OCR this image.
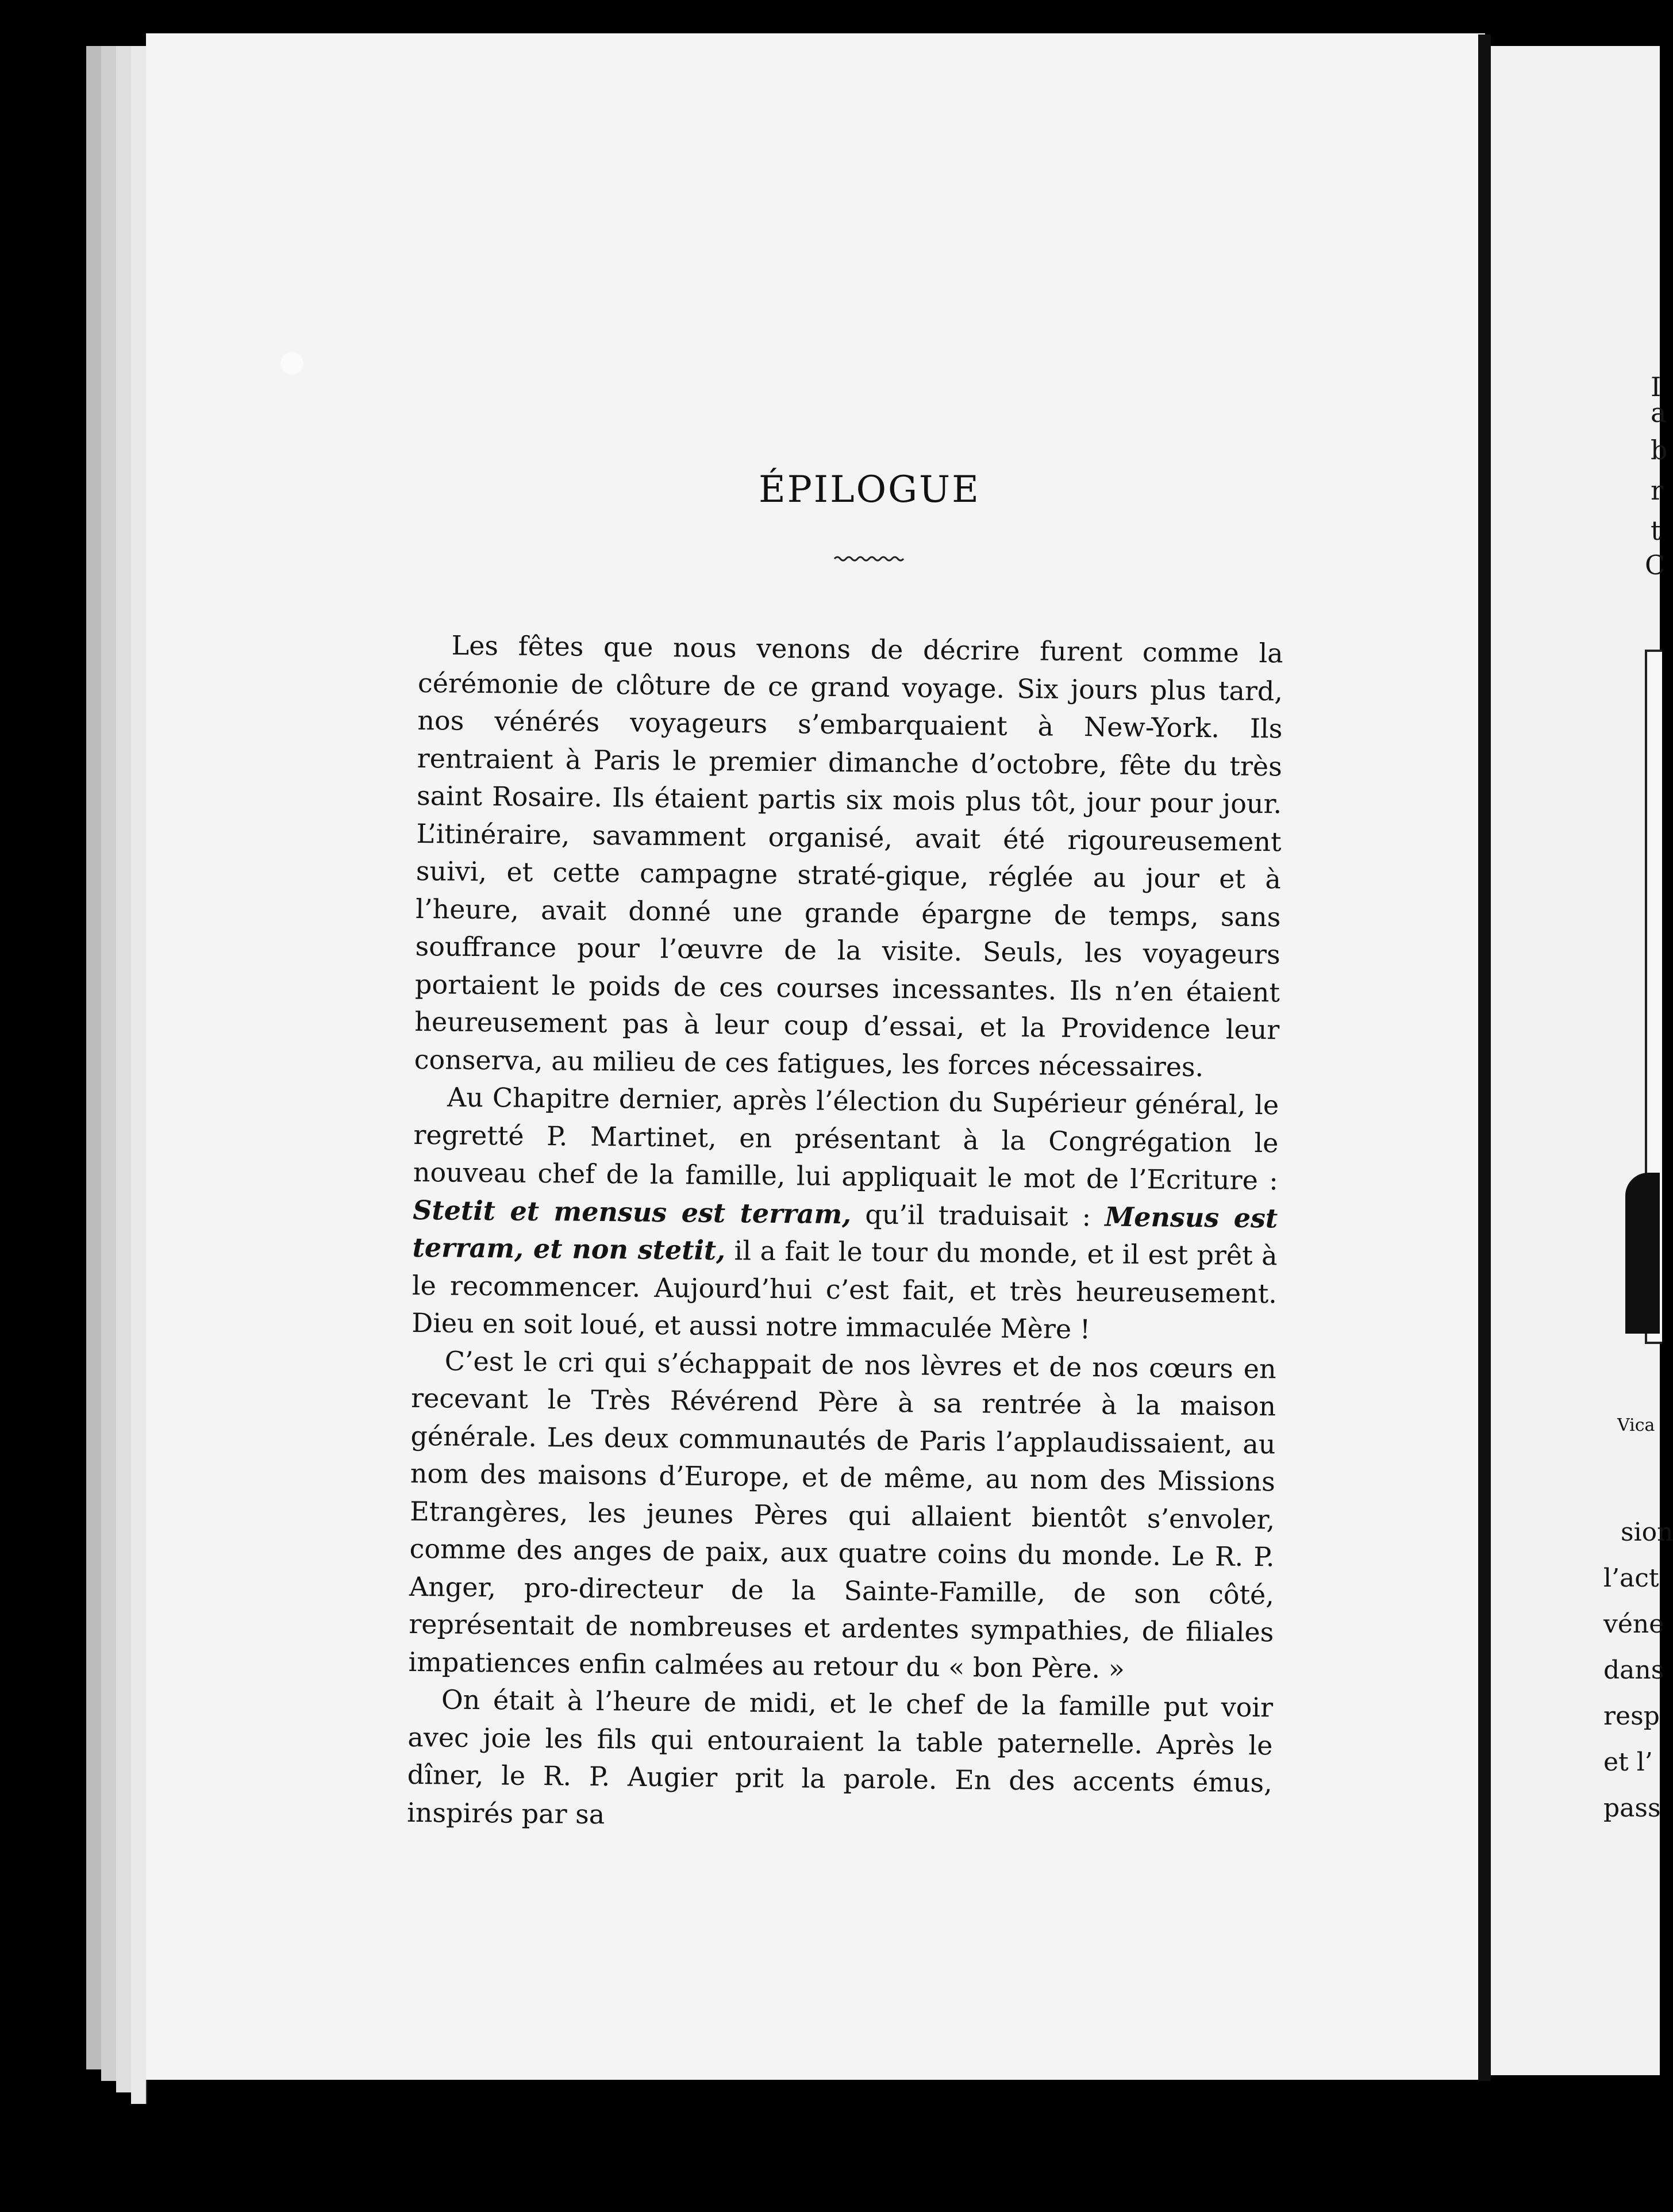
ÉPILOGUE

Les fêtes que nous venons de décrire furent comme la cérémonie de clôture de ce grand voyage. Six jours plus tard, nos vénérés voyageurs s’embarquaient à New-York. Ils rentraient à Paris le premier dimanche d’octobre, fête du très saint Rosaire. Ils étaient partis six mois plus tôt, jour pour jour. L’itinéraire, savamment organisé, avait été rigoureusement suivi, et cette campagne straté-gique, réglée au jour et à l’heure, avait donné une grande épargne de temps, sans souffrance pour l’œuvre de la visite. Seuls, les voyageurs portaient le poids de ces courses incessantes. Ils n’en étaient heureusement pas à leur coup d’essai, et la Providence leur conserva, au milieu de ces fatigues, les forces nécessaires.

Au Chapitre dernier, après l’élection du Supérieur général, le regretté P. Martinet, en présentant à la Congrégation le nouveau chef de la famille, lui appliquait le mot de l’Ecriture : Stetit et mensus est terram, qu’il traduisait : Mensus est terram, et non stetit, il a fait le tour du monde, et il est prêt à le recommencer. Aujourd’hui c’est fait, et très heureusement. Dieu en soit loué, et aussi notre immaculée Mère !

C’est le cri qui s’échappait de nos lèvres et de nos cœurs en recevant le Très Révérend Père à sa rentrée à la maison générale. Les deux communautés de Paris l’applaudissaient, au nom des maisons d’Europe, et de même, au nom des Missions Etrangères, les jeunes Pères qui allaient bientôt s’envoler, comme des anges de paix, aux quatre coins du monde. Le R. P. Anger, pro-directeur de la Sainte-Famille, de son côté, représentait de nombreuses et ardentes sympathies, de filiales impatiences enfin calmées au retour du « bon Père. »

On était à l’heure de midi, et le chef de la famille put voir avec joie les fils qui entouraient la table paternelle. Après le dîner, le R. P. Augier prit la parole. En des accents émus, inspirés par sa

I
a
b
r
t
C
Vica
sion
l’act
véne
dans
resp
et l’
pass
